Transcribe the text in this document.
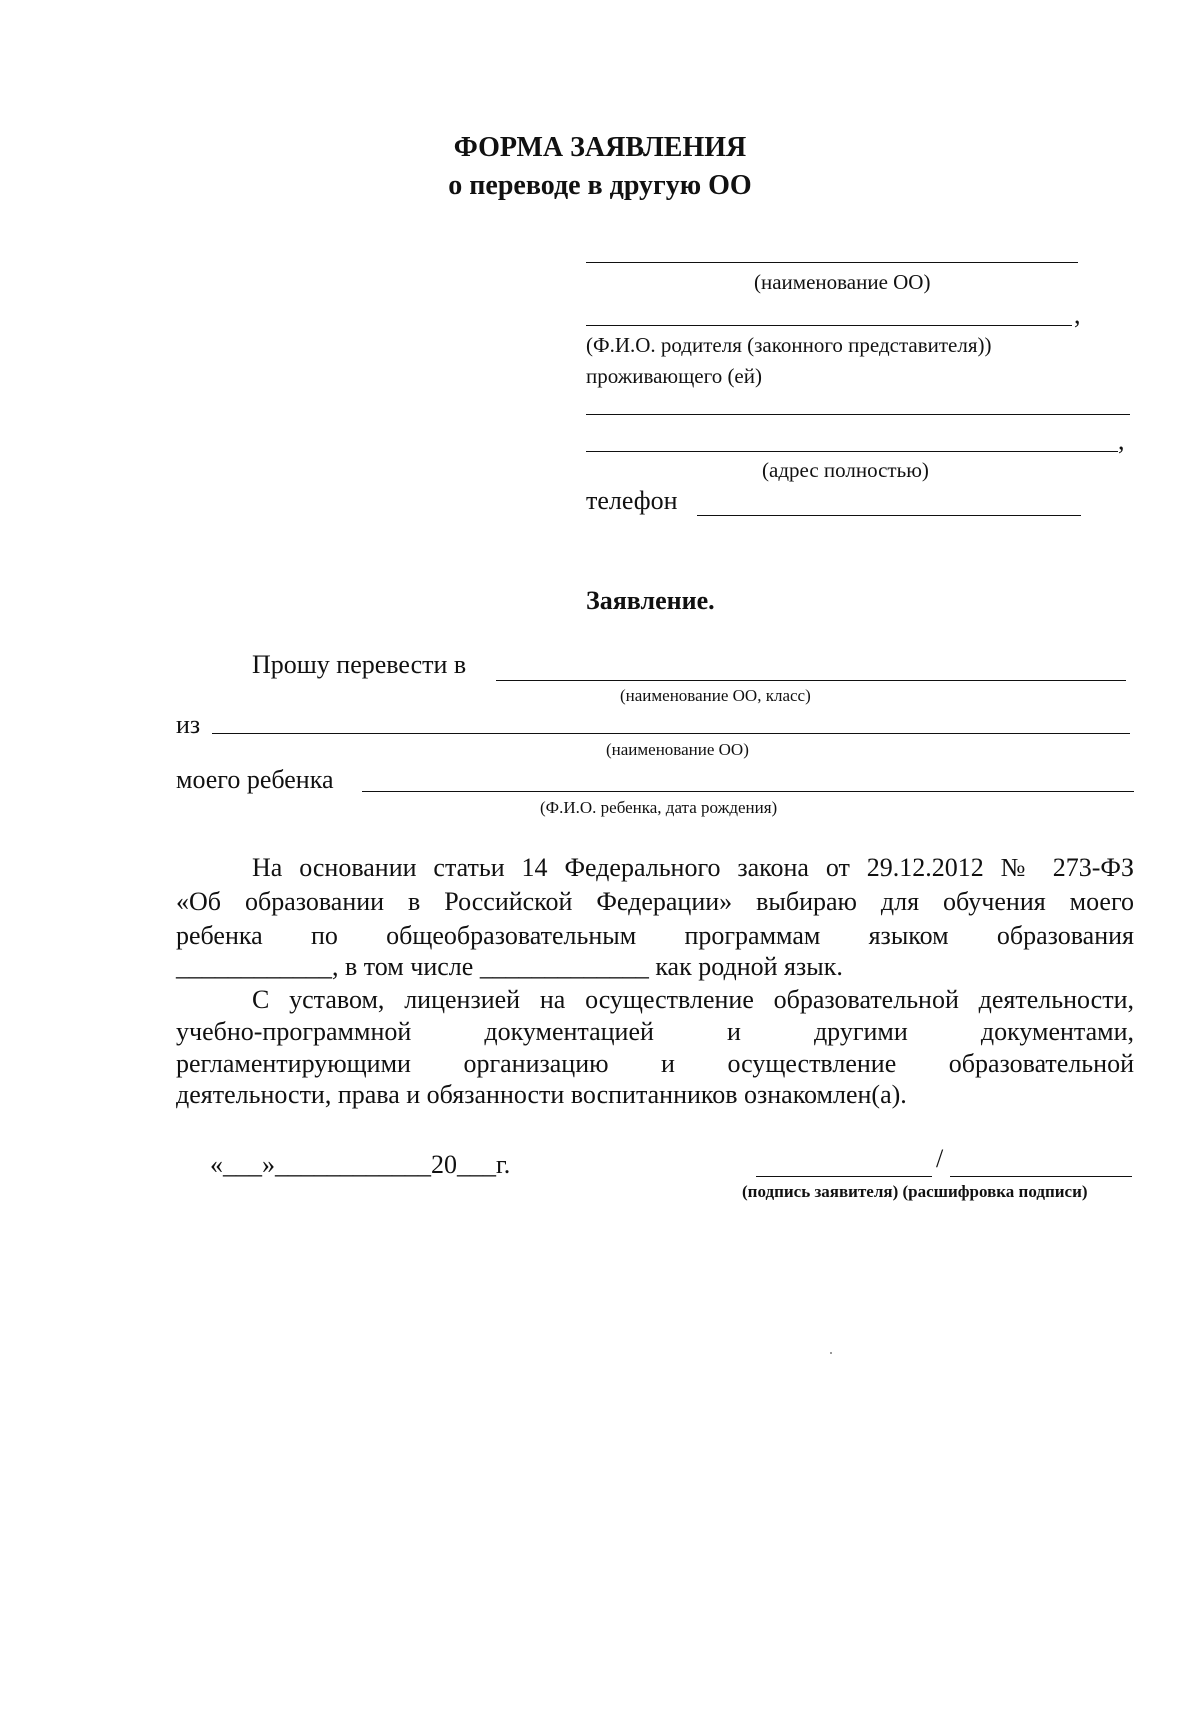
ФОРМА ЗАЯВЛЕНИЯ
о переводе в другую ОО
(наименование ОО)
,
(Ф.И.О. родителя (законного представителя))
проживающего (ей)
,
(адрес полностью)
телефон
Заявление.
Прошу перевести в
(наименование ОО, класс)
из
(наименование ОО)
моего ребенка
(Ф.И.О. ребенка, дата рождения)
На основании статьи 14 Федерального закона от 29.12.2012 № 273-ФЗ
«Об образовании в Российской Федерации» выбираю для обучения моего
ребенка по общеобразовательным программам языком образования
____________, в том числе _____________ как родной язык.
С уставом, лицензией на осуществление образовательной деятельности,
учебно-программной документацией и другими документами,
регламентирующими организацию и осуществление образовательной
деятельности, права и обязанности воспитанников ознакомлен(а).
«___»____________20___г.	/
(подпись заявителя) (расшифровка подписи)
